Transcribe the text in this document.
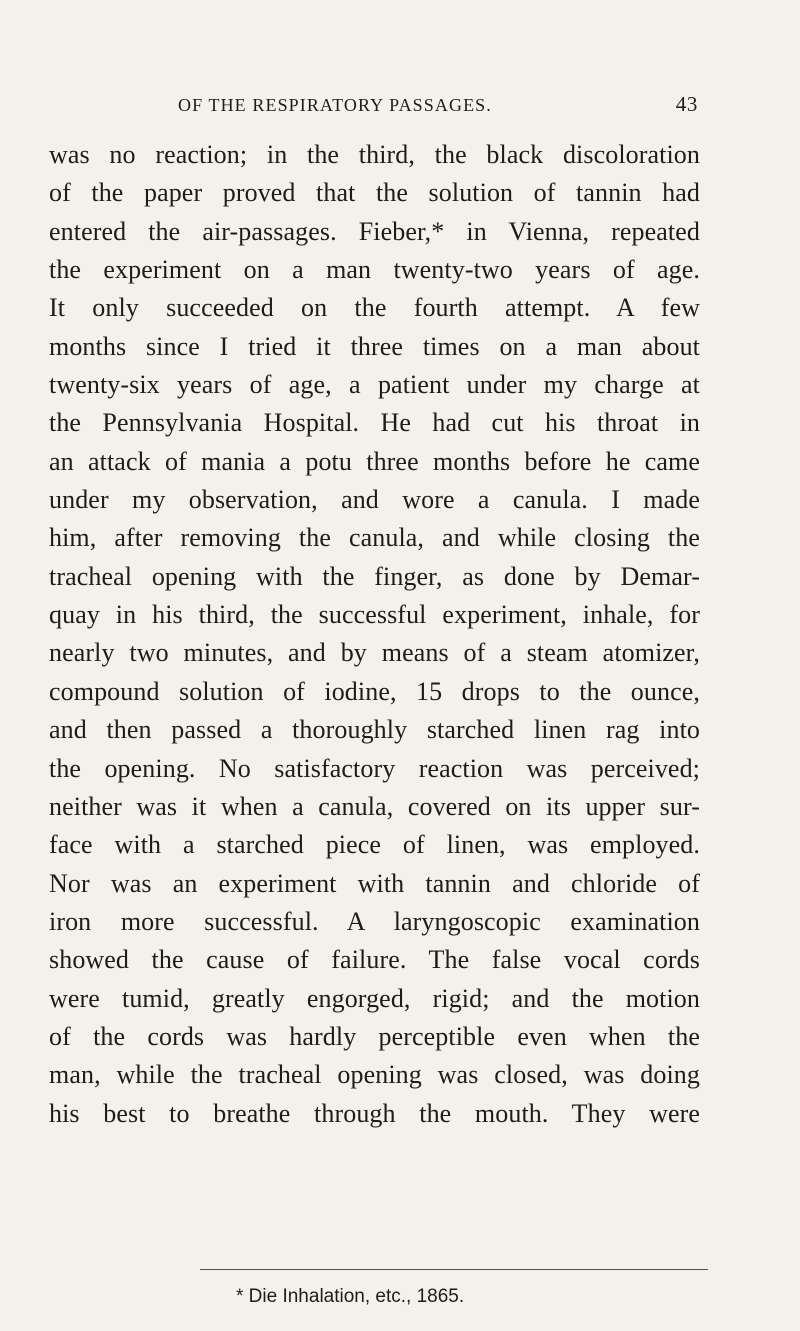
OF THE RESPIRATORY PASSAGES.	43
was no reaction; in the third, the black discoloration
of the paper proved that the solution of tannin had
entered the air-passages. Fieber,* in Vienna, repeated
the experiment on a man twenty-two years of age.
It only succeeded on the fourth attempt. A few
months since I tried it three times on a man about
twenty-six years of age, a patient under my charge at
the Pennsylvania Hospital. He had cut his throat in
an attack of mania a potu three months before he came
under my observation, and wore a canula. I made
him, after removing the canula, and while closing the
tracheal opening with the finger, as done by Demar-
quay in his third, the successful experiment, inhale, for
nearly two minutes, and by means of a steam atomizer,
compound solution of iodine, 15 drops to the ounce,
and then passed a thoroughly starched linen rag into
the opening. No satisfactory reaction was perceived;
neither was it when a canula, covered on its upper sur-
face with a starched piece of linen, was employed.
Nor was an experiment with tannin and chloride of
iron more successful. A laryngoscopic examination
showed the cause of failure. The false vocal cords
were tumid, greatly engorged, rigid; and the motion
of the cords was hardly perceptible even when the
man, while the tracheal opening was closed, was doing
his best to breathe through the mouth. They were
* Die Inhalation, etc., 1865.
